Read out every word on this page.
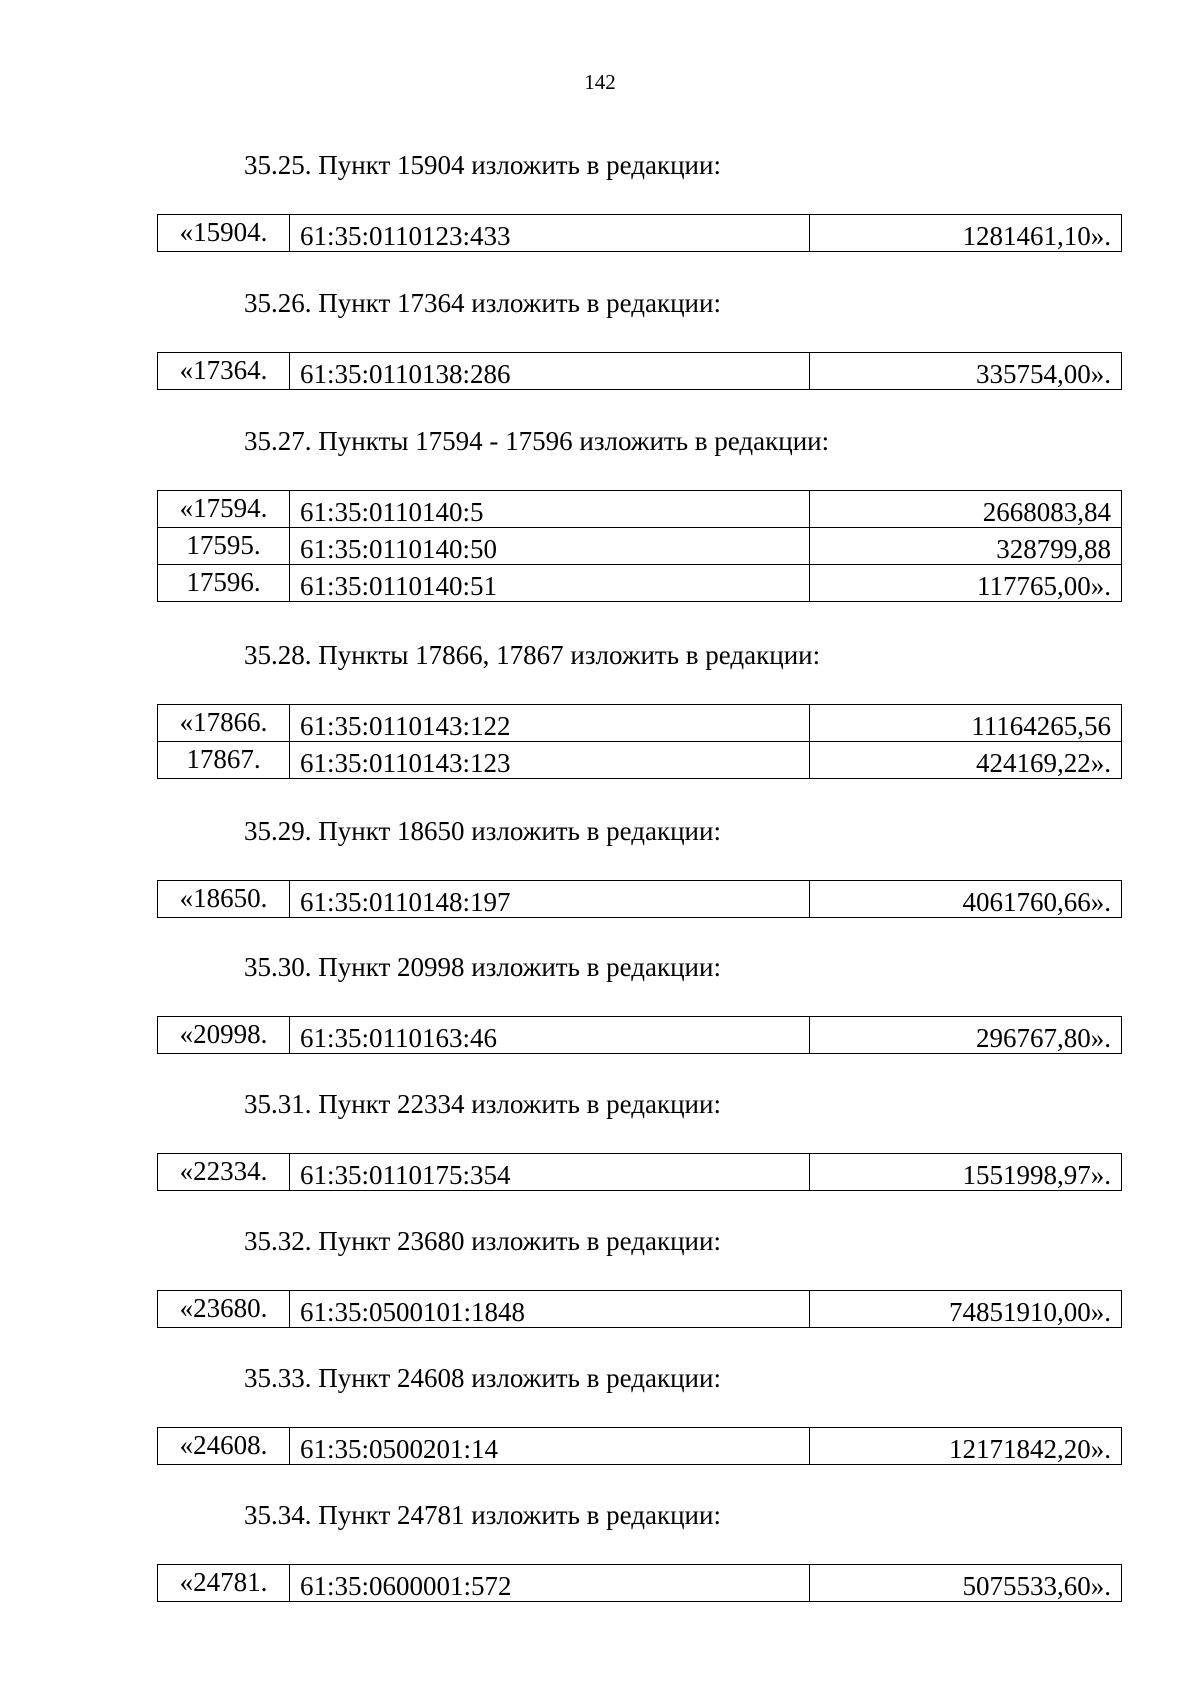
142
35.25. Пункт 15904 изложить в редакции:
«15904.	61:35:0110123:433	1281461,10».
35.26. Пункт 17364 изложить в редакции:
«17364.	61:35:0110138:286	335754,00».
35.27. Пункты 17594 - 17596 изложить в редакции:
«17594.	61:35:0110140:5	2668083,84
17595.	61:35:0110140:50	328799,88
17596.	61:35:0110140:51	117765,00».
35.28. Пункты 17866, 17867 изложить в редакции:
«17866.	61:35:0110143:122	11164265,56
17867.	61:35:0110143:123	424169,22».
35.29. Пункт 18650 изложить в редакции:
«18650.	61:35:0110148:197	4061760,66».
35.30. Пункт 20998 изложить в редакции:
«20998.	61:35:0110163:46	296767,80».
35.31. Пункт 22334 изложить в редакции:
«22334.	61:35:0110175:354	1551998,97».
35.32. Пункт 23680 изложить в редакции:
«23680.	61:35:0500101:1848	74851910,00».
35.33. Пункт 24608 изложить в редакции:
«24608.	61:35:0500201:14	12171842,20».
35.34. Пункт 24781 изложить в редакции:
«24781.	61:35:0600001:572	5075533,60».
